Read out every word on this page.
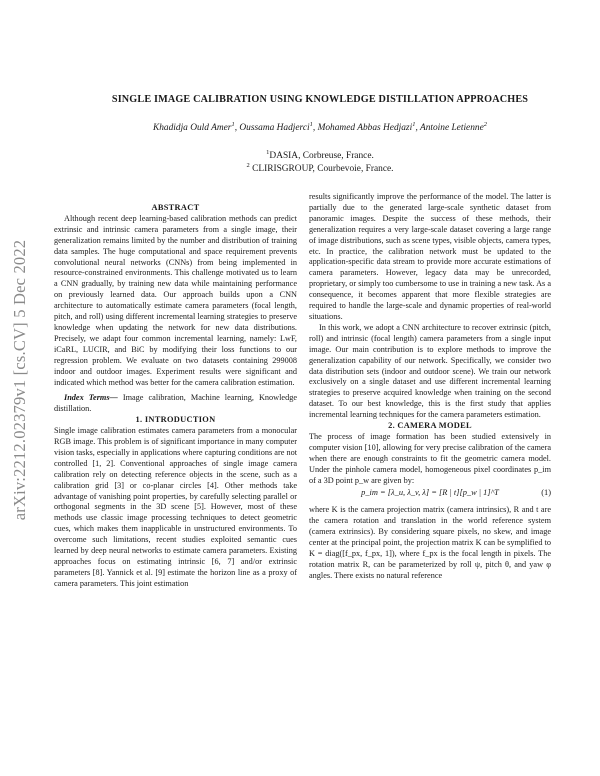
arXiv:2212.02379v1 [cs.CV] 5 Dec 2022
SINGLE IMAGE CALIBRATION USING KNOWLEDGE DISTILLATION APPROACHES
Khadidja Ould Amer$^1$, Oussama Hadjerci$^1$, Mohamed Abbas Hedjazi$^1$, Antoine Letienne$^2$
$^1$DASIA, Corbreuse, France.
$^2$ CLIRISGROUP, Courbevoie, France.

ABSTRACT

Although recent deep learning-based calibration methods can predict extrinsic and intrinsic camera parameters from a single image, their generalization remains limited by the number and distribution of training data samples. The huge computational and space requirement prevents convolutional neural networks (CNNs) from being implemented in resource-constrained environments. This challenge motivated us to learn a CNN gradually, by training new data while maintaining performance on previously learned data. Our approach builds upon a CNN architecture to automatically estimate camera parameters (focal length, pitch, and roll) using different incremental learning strategies to preserve knowledge when updating the network for new data distributions. Precisely, we adapt four common incremental learning, namely: LwF, iCaRL, LUCIR, and BiC by modifying their loss functions to our regression problem. We evaluate on two datasets containing 299008 indoor and outdoor images. Experiment results were significant and indicated which method was better for the camera calibration estimation.

Index Terms— Image calibration, Machine learning, Knowledge distillation.

1. INTRODUCTION

Single image calibration estimates camera parameters from a monocular RGB image. This problem is of significant importance in many computer vision tasks, especially in applications where capturing conditions are not controlled [1, 2]. Conventional approaches of single image camera calibration rely on detecting reference objects in the scene, such as a calibration grid [3] or co-planar circles [4]. Other methods take advantage of vanishing point properties, by carefully selecting parallel or orthogonal segments in the 3D scene [5]. However, most of these methods use classic image processing techniques to detect geometric cues, which makes them inapplicable in unstructured environments. To overcome such limitations, recent studies exploited semantic cues learned by deep neural networks to estimate camera parameters. Existing approaches focus on estimating intrinsic [6, 7] and/or extrinsic parameters [8]. Yannick et al. [9] estimate the horizon line as a proxy of camera parameters. This joint estimation

results significantly improve the performance of the model. The latter is partially due to the generated large-scale synthetic dataset from panoramic images. Despite the success of these methods, their generalization requires a very large-scale dataset covering a large range of image distributions, such as scene types, visible objects, camera types, etc. In practice, the calibration network must be updated to the application-specific data stream to provide more accurate estimations of camera parameters. However, legacy data may be unrecorded, proprietary, or simply too cumbersome to use in training a new task. As a consequence, it becomes apparent that more flexible strategies are required to handle the large-scale and dynamic properties of real-world situations.

In this work, we adopt a CNN architecture to recover extrinsic (pitch, roll) and intrinsic (focal length) camera parameters from a single input image. Our main contribution is to explore methods to improve the generalization capability of our network. Specifically, we consider two data distribution sets (indoor and outdoor scene). We train our network exclusively on a single dataset and use different incremental learning strategies to preserve acquired knowledge when training on the second dataset. To our best knowledge, this is the first study that applies incremental learning techniques for the camera parameters estimation.

2. CAMERA MODEL

The process of image formation has been studied extensively in computer vision [10], allowing for very precise calibration of the camera when there are enough constraints to fit the geometric camera model. Under the pinhole camera model, homogeneous pixel coordinates p_im of a 3D point p_w are given by:

p_im = [λ_u, λ_v, λ] = [R | t][p_w | 1]^T	(1)

where K is the camera projection matrix (camera intrinsics), R and t are the camera rotation and translation in the world reference system (camera extrinsics). By considering square pixels, no skew, and image center at the principal point, the projection matrix K can be symplified to K = diag([f_px, f_px, 1]), where f_px is the focal length in pixels. The rotation matrix R, can be parameterized by roll ψ, pitch θ, and yaw φ angles. There exists no natural reference
